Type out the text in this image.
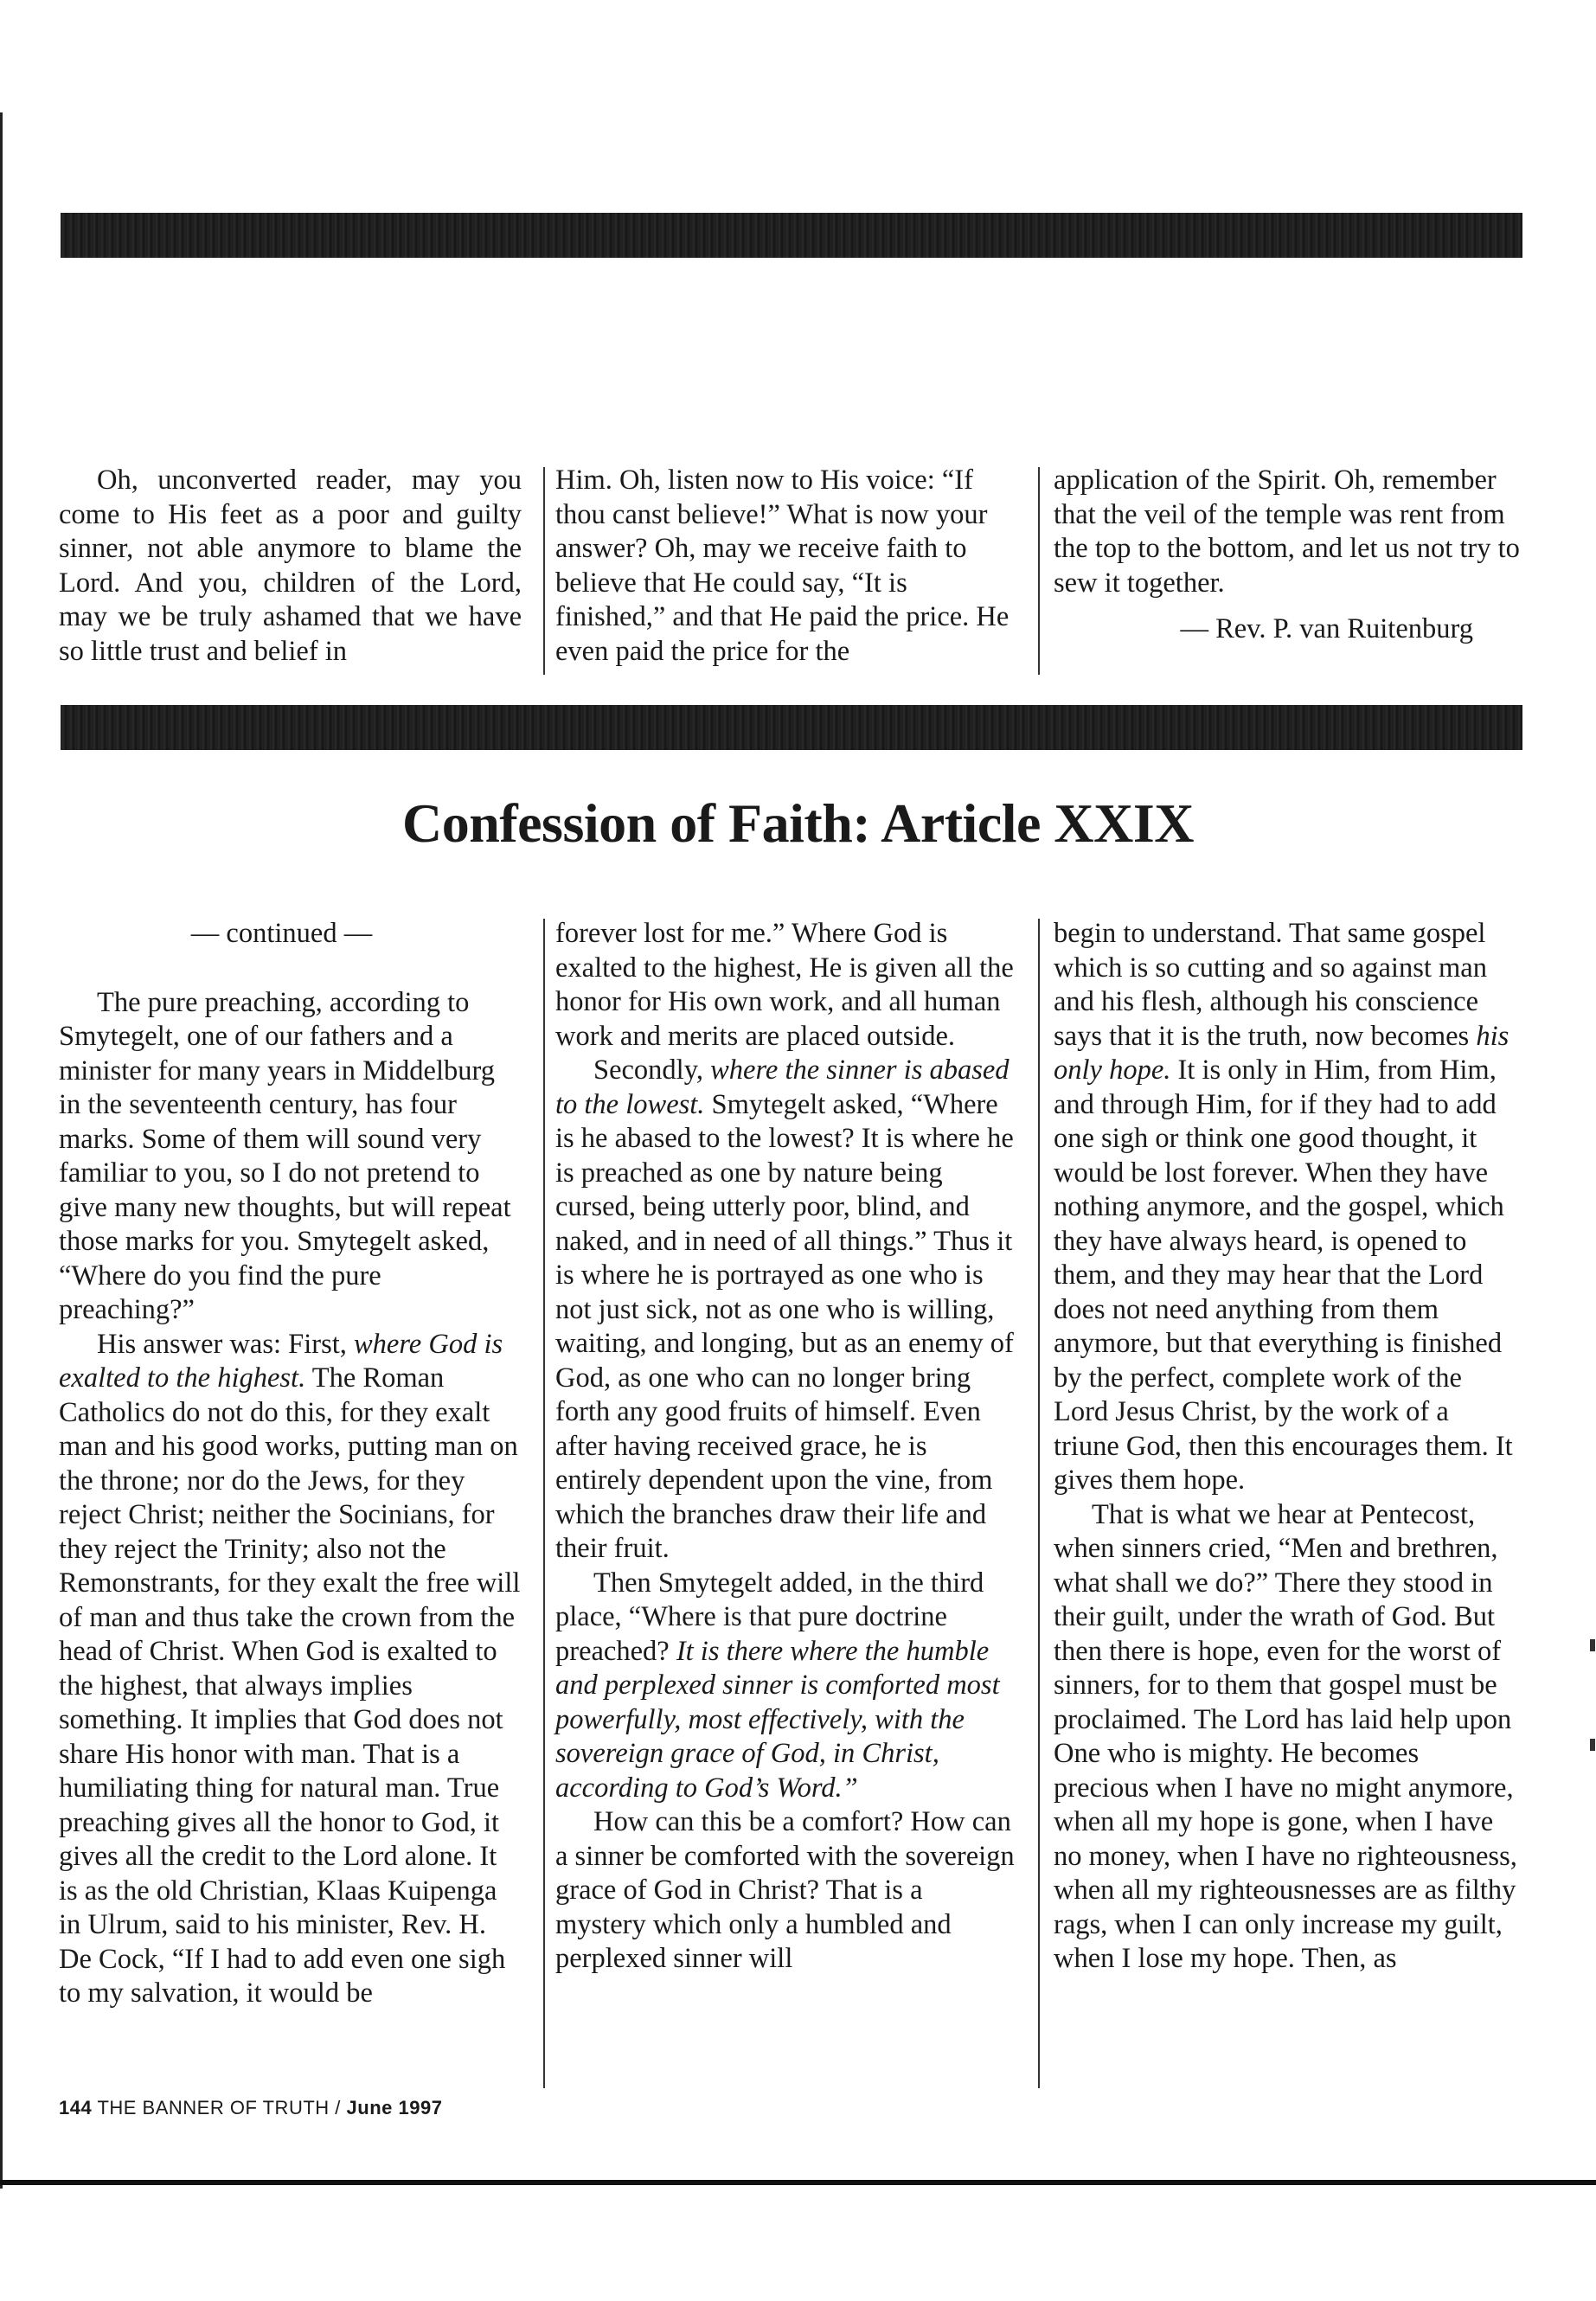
Oh, unconverted reader, may you come to His feet as a poor and guilty sinner, not able anymore to blame the Lord. And you, children of the Lord, may we be truly ashamed that we have so little trust and belief in

Him. Oh, listen now to His voice: “If thou canst believe!” What is now your answer? Oh, may we receive faith to believe that He could say, “It is finished,” and that He paid the price. He even paid the price for the

application of the Spirit. Oh, remember that the veil of the temple was rent from the top to the bottom, and let us not try to sew it together.

— Rev. P. van Ruitenburg

Confession of Faith: Article XXIX

— continued —

The pure preaching, according to Smytegelt, one of our fathers and a minister for many years in Middelburg in the seventeenth century, has four marks. Some of them will sound very familiar to you, so I do not pretend to give many new thoughts, but will repeat those marks for you. Smytegelt asked, “Where do you find the pure preaching?”

His answer was: First, where God is exalted to the highest. The Roman Catholics do not do this, for they exalt man and his good works, putting man on the throne; nor do the Jews, for they reject Christ; neither the Socinians, for they reject the Trinity; also not the Remonstrants, for they exalt the free will of man and thus take the crown from the head of Christ. When God is exalted to the highest, that always implies something. It implies that God does not share His honor with man. That is a humiliating thing for natural man. True preaching gives all the honor to God, it gives all the credit to the Lord alone. It is as the old Christian, Klaas Kuipenga in Ulrum, said to his minister, Rev. H. De Cock, “If I had to add even one sigh to my salvation, it would be

forever lost for me.” Where God is exalted to the highest, He is given all the honor for His own work, and all human work and merits are placed outside.

Secondly, where the sinner is abased to the lowest. Smytegelt asked, “Where is he abased to the lowest? It is where he is preached as one by nature being cursed, being utterly poor, blind, and naked, and in need of all things.” Thus it is where he is portrayed as one who is not just sick, not as one who is willing, waiting, and longing, but as an enemy of God, as one who can no longer bring forth any good fruits of himself. Even after having received grace, he is entirely dependent upon the vine, from which the branches draw their life and their fruit.

Then Smytegelt added, in the third place, “Where is that pure doctrine preached? It is there where the humble and perplexed sinner is comforted most powerfully, most effectively, with the sovereign grace of God, in Christ, according to God’s Word.”

How can this be a comfort? How can a sinner be comforted with the sovereign grace of God in Christ? That is a mystery which only a humbled and perplexed sinner will

begin to understand. That same gospel which is so cutting and so against man and his flesh, although his conscience says that it is the truth, now becomes his only hope. It is only in Him, from Him, and through Him, for if they had to add one sigh or think one good thought, it would be lost forever. When they have nothing anymore, and the gospel, which they have always heard, is opened to them, and they may hear that the Lord does not need anything from them anymore, but that everything is finished by the perfect, complete work of the Lord Jesus Christ, by the work of a triune God, then this encourages them. It gives them hope.

That is what we hear at Pentecost, when sinners cried, “Men and brethren, what shall we do?” There they stood in their guilt, under the wrath of God. But then there is hope, even for the worst of sinners, for to them that gospel must be proclaimed. The Lord has laid help upon One who is mighty. He becomes precious when I have no might anymore, when all my hope is gone, when I have no money, when I have no righteousness, when all my righteousnesses are as filthy rags, when I can only increase my guilt, when I lose my hope. Then, as

144 THE BANNER OF TRUTH / June 1997
